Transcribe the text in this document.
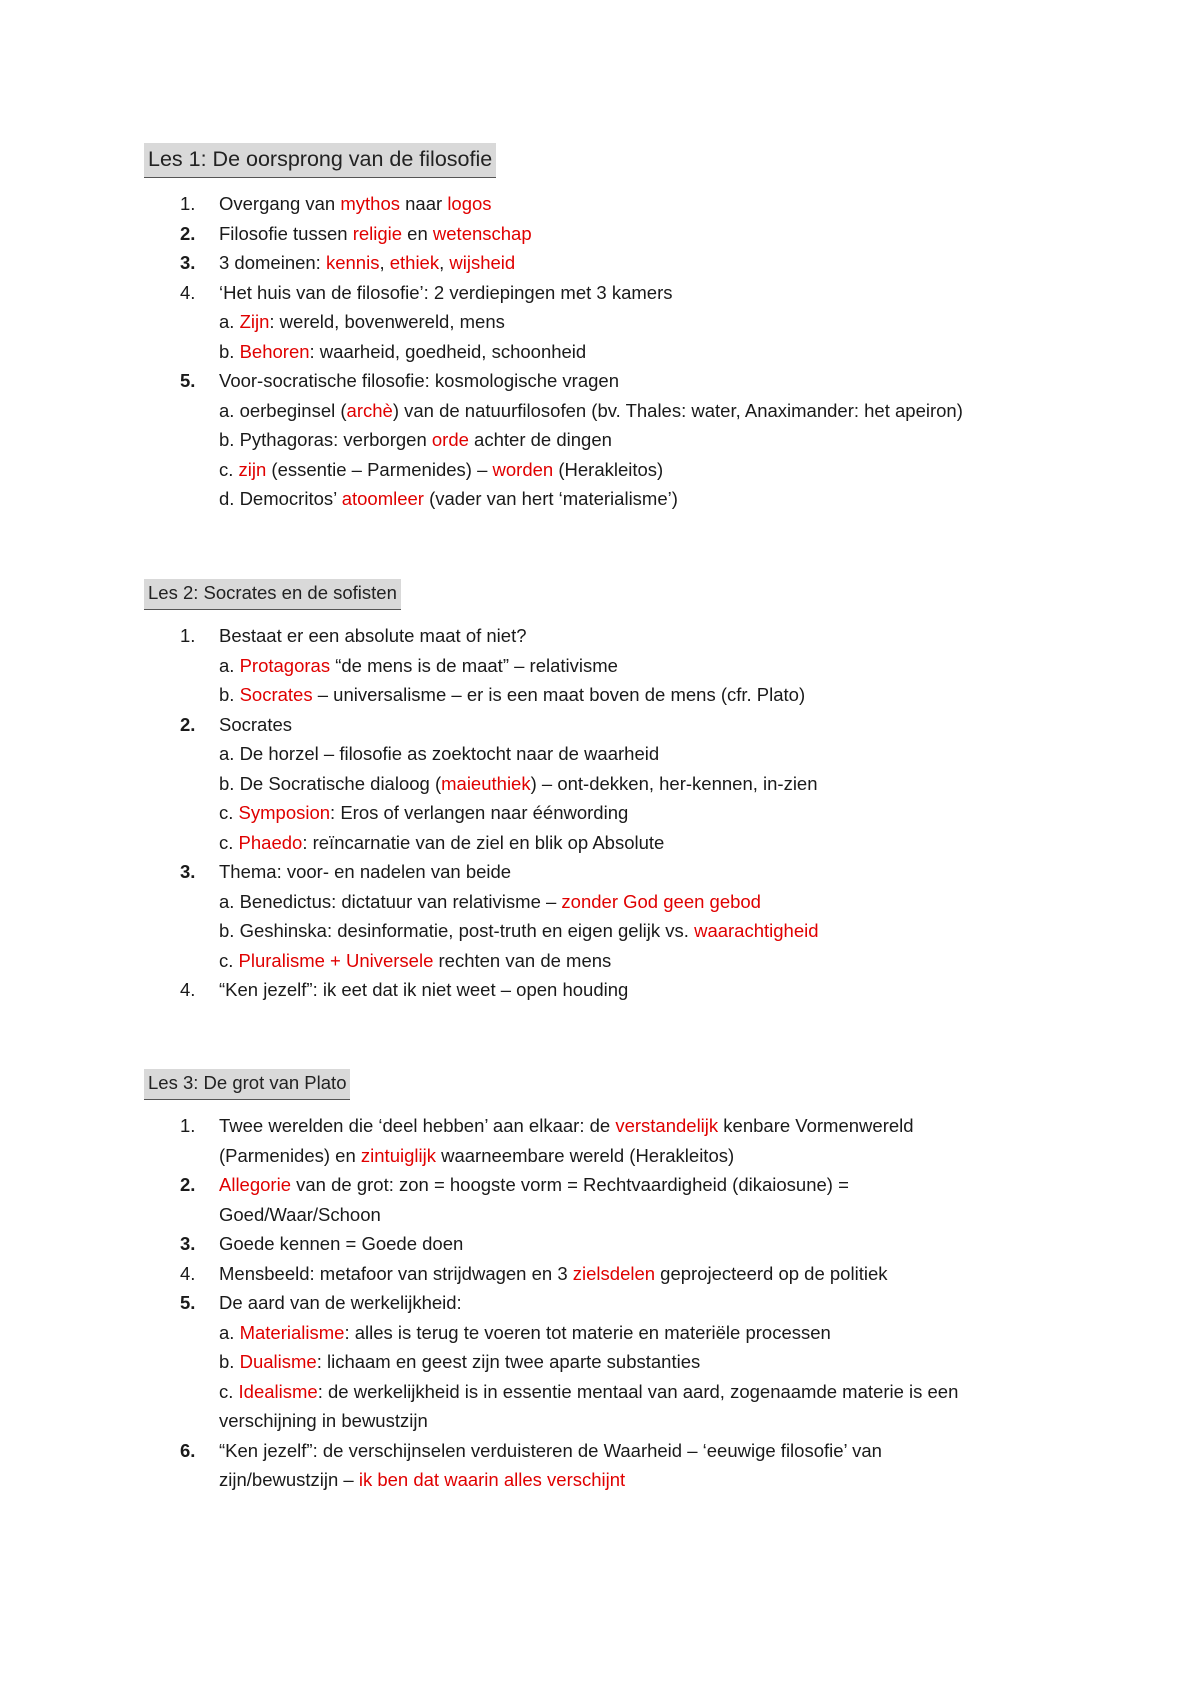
Les 1: De oorsprong van de filosofie
1. Overgang van mythos naar logos
2. Filosofie tussen religie en wetenschap
3. 3 domeinen: kennis, ethiek, wijsheid
4. ‘Het huis van de filosofie’: 2 verdiepingen met 3 kamers
a. Zijn: wereld, bovenwereld, mens
b. Behoren: waarheid, goedheid, schoonheid
5. Voor-socratische filosofie: kosmologische vragen
a. oerbeginsel (archè) van de natuurfilosofen (bv. Thales: water, Anaximander: het apeiron)
b. Pythagoras: verborgen orde achter de dingen
c. zijn (essentie – Parmenides) – worden (Herakleitos)
d. Democritos’ atoomleer (vader van hert ‘materialisme’)
Les 2: Socrates en de sofisten
1. Bestaat er een absolute maat of niet?
a. Protagoras “de mens is de maat” – relativisme
b. Socrates – universalisme – er is een maat boven de mens (cfr. Plato)
2. Socrates
a. De horzel – filosofie as zoektocht naar de waarheid
b. De Socratische dialoog (maieuthiek) – ont-dekken, her-kennen, in-zien
c. Symposion: Eros of verlangen naar éénwording
c. Phaedo: reïncarnatie van de ziel en blik op Absolute
3. Thema: voor- en nadelen van beide
a. Benedictus: dictatuur van relativisme – zonder God geen gebod
b. Geshinska: desinformatie, post-truth en eigen gelijk vs. waarachtigheid
c. Pluralisme + Universele rechten van de mens
4. “Ken jezelf”: ik eet dat ik niet weet – open houding
Les 3: De grot van Plato
1. Twee werelden die ‘deel hebben’ aan elkaar: de verstandelijk kenbare Vormenwereld
(Parmenides) en zintuiglijk waarneembare wereld (Herakleitos)
2. Allegorie van de grot: zon = hoogste vorm = Rechtvaardigheid (dikaiosune) =
Goed/Waar/Schoon
3. Goede kennen = Goede doen
4. Mensbeeld: metafoor van strijdwagen en 3 zielsdelen geprojecteerd op de politiek
5. De aard van de werkelijkheid:
a. Materialisme: alles is terug te voeren tot materie en materiële processen
b. Dualisme: lichaam en geest zijn twee aparte substanties
c. Idealisme: de werkelijkheid is in essentie mentaal van aard, zogenaamde materie is een
verschijning in bewustzijn
6. “Ken jezelf”: de verschijnselen verduisteren de Waarheid – ‘eeuwige filosofie’ van
zijn/bewustzijn – ik ben dat waarin alles verschijnt
